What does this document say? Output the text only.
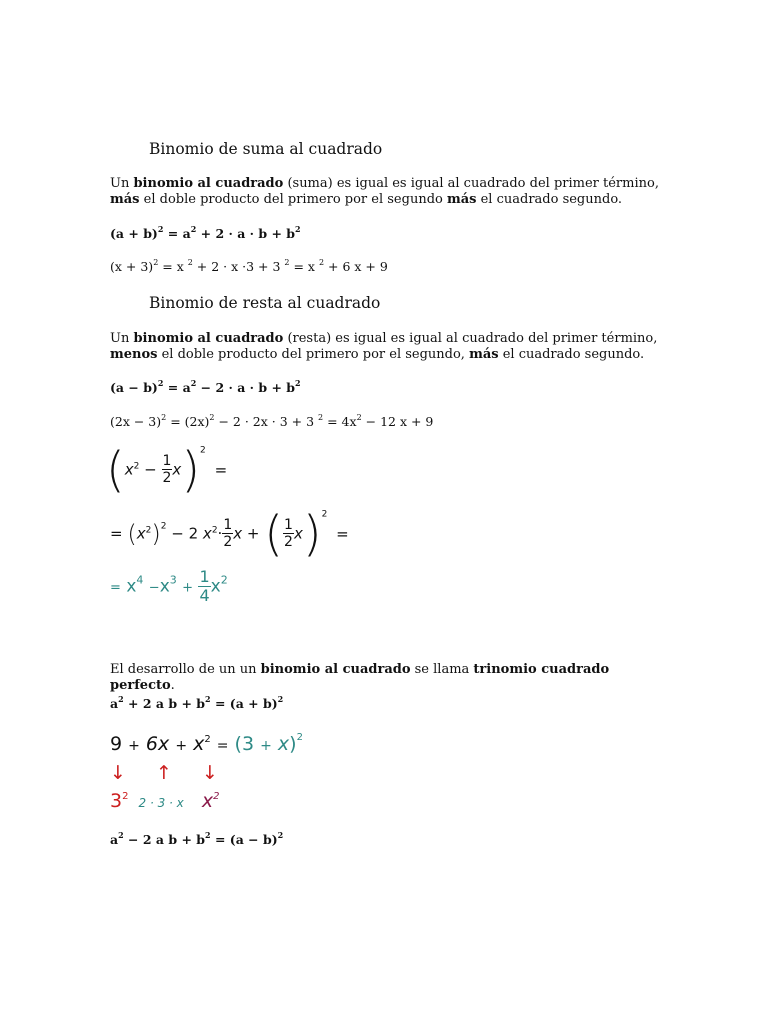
Binomio de suma al cuadrado
Un binomio al cuadrado (suma) es igual es igual al cuadrado del primer término, más el doble producto del primero por el segundo más el cuadrado segundo.
$(a + b)^2 = a^2 + 2 \cdot a \cdot b + b^2$
$(x + 3)^2 = x$ $^2$ + 2 · x ·3 + 3 $^2$ = x $^2$ + 6 x + 9
Binomio de resta al cuadrado
Un binomio al cuadrado (resta) es igual es igual al cuadrado del primer término,
menos el doble producto del primero por el segundo, más el cuadrado segundo.
$(a - b)^2 = a^2 - 2 \cdot a \cdot b + b^2$
$(2x - 3)^2 = (2x)^2 - 2 \cdot 2x \cdot 3 + 3$ $^2 = 4x^2 - 12$ x + 9
$(x^2 - \frac{1}{2} x)^2$ =
= $(x^2)^2 - 2$ $x^2\cdot \frac{1}{2}$ x + ( $\frac{1}{2} x)^2$ =
= $x^4 -x^3 + \frac{1}{4} x^2$
El desarrollo de un un binomio al cuadrado se llama trinomio cuadrado perfecto.
$a^2 + 2$ a $b + b^2 = (a + b)^2$
$9 + 6x + x^2 = (3 + x)^2$
↓ ↑ ↓
$3^2$ 2 · 3 · x $x^2$
$a^2 - 2$ a $b + b^2 = (a - b)^2$
